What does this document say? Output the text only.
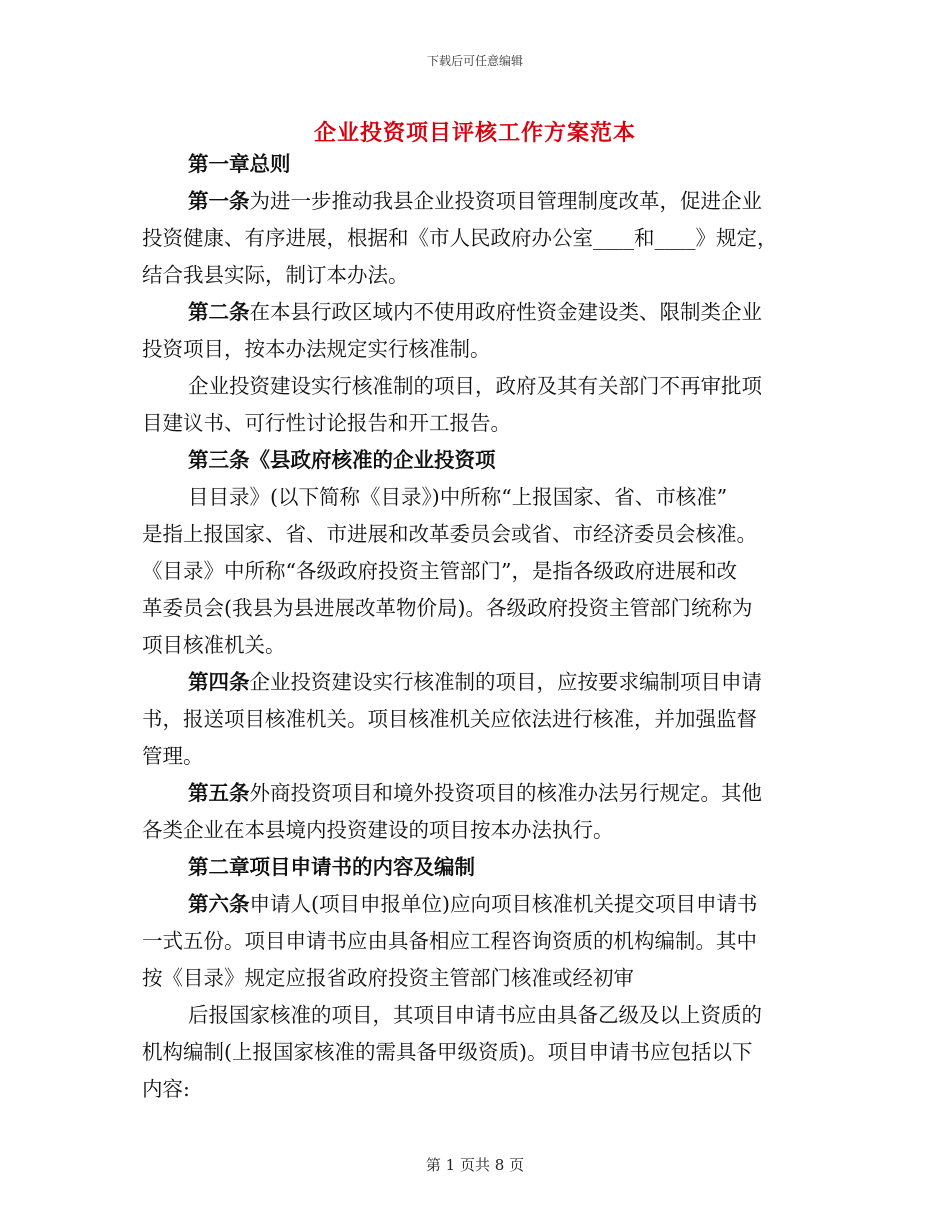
下载后可任意编辑
企业投资项目评核工作方案范本
第一章总则
第一条为进一步推动我县企业投资项目管理制度改革，促进企业
投资健康、有序进展，根据和《市人民政府办公室____和____》规定，
结合我县实际，制订本办法。
第二条在本县行政区域内不使用政府性资金建设类、限制类企业
投资项目，按本办法规定实行核准制。
企业投资建设实行核准制的项目，政府及其有关部门不再审批项
目建议书、可行性讨论报告和开工报告。
第三条《县政府核准的企业投资项
目目录》(以下简称《目录》)中所称“上报国家、省、市核准”
是指上报国家、省、市进展和改革委员会或省、市经济委员会核准。
《目录》中所称“各级政府投资主管部门”，是指各级政府进展和改
革委员会(我县为县进展改革物价局)。各级政府投资主管部门统称为
项目核准机关。
第四条企业投资建设实行核准制的项目，应按要求编制项目申请
书，报送项目核准机关。项目核准机关应依法进行核准，并加强监督
管理。
第五条外商投资项目和境外投资项目的核准办法另行规定。其他
各类企业在本县境内投资建设的项目按本办法执行。
第二章项目申请书的内容及编制
第六条申请人(项目申报单位)应向项目核准机关提交项目申请书
一式五份。项目申请书应由具备相应工程咨询资质的机构编制。其中
按《目录》规定应报省政府投资主管部门核准或经初审
后报国家核准的项目，其项目申请书应由具备乙级及以上资质的
机构编制(上报国家核准的需具备甲级资质)。项目申请书应包括以下
内容:
第 1 页共 8 页
